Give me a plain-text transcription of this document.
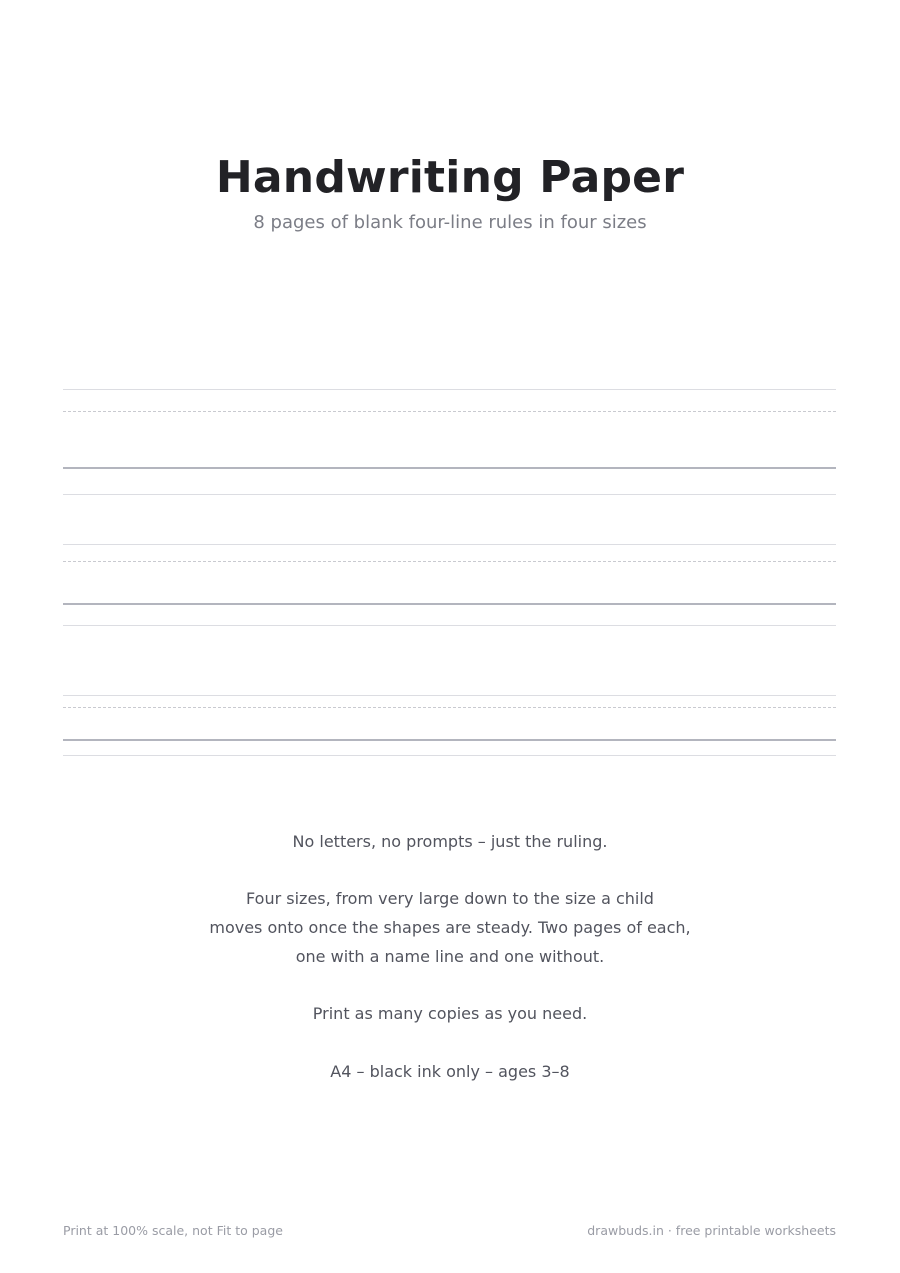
Handwriting Paper
8 pages of blank four-line rules in four sizes
No letters, no prompts – just the ruling.
Four sizes, from very large down to the size a child
moves onto once the shapes are steady. Two pages of each,
one with a name line and one without.
Print as many copies as you need.
A4 – black ink only – ages 3–8
Print at 100% scale, not Fit to page	drawbuds.in · free printable worksheets
